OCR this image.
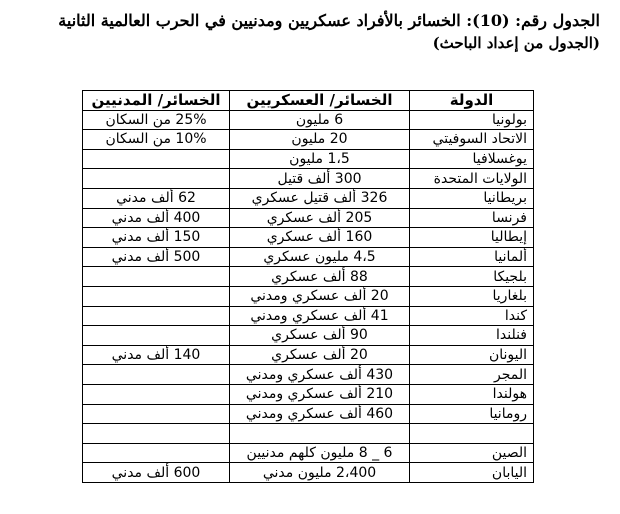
الجدول رقم: (10): الخسائر بالأفراد عسكريين ومدنيين في الحرب العالمية الثانية
(الجدول من إعداد الباحث)
الدولة	الخسائر/ العسكريين	الخسائر/ المدنيين
بولونيا	6 مليون	25% من السكان
الاتحاد السوفيتي	20 مليون	10% من السكان
يوغسلافيا	1،5 مليون	
الولايات المتحدة	300 ألف قتيل	
بريطانيا	326 ألف قتيل عسكري	62 ألف مدني
فرنسا	205 ألف عسكري	400 ألف مدني
إيطاليا	160 ألف عسكري	150 ألف مدني
ألمانيا	4،5 مليون عسكري	500 ألف مدني
بلجيكا	88 ألف عسكري	
بلغاريا	20 ألف عسكري ومدني	
كندا	41 ألف عسكري ومدني	
فنلندا	90 ألف عسكري	
اليونان	20 ألف عسكري	140 ألف مدني
المجر	430 ألف عسكري ومدني	
هولندا	210 ألف عسكري ومدني	
رومانيا	460 ألف عسكري ومدني	

الصين	6 _ 8 مليون كلهم مدنيين	
اليابان	2،400 مليون مدني	600 ألف مدني
